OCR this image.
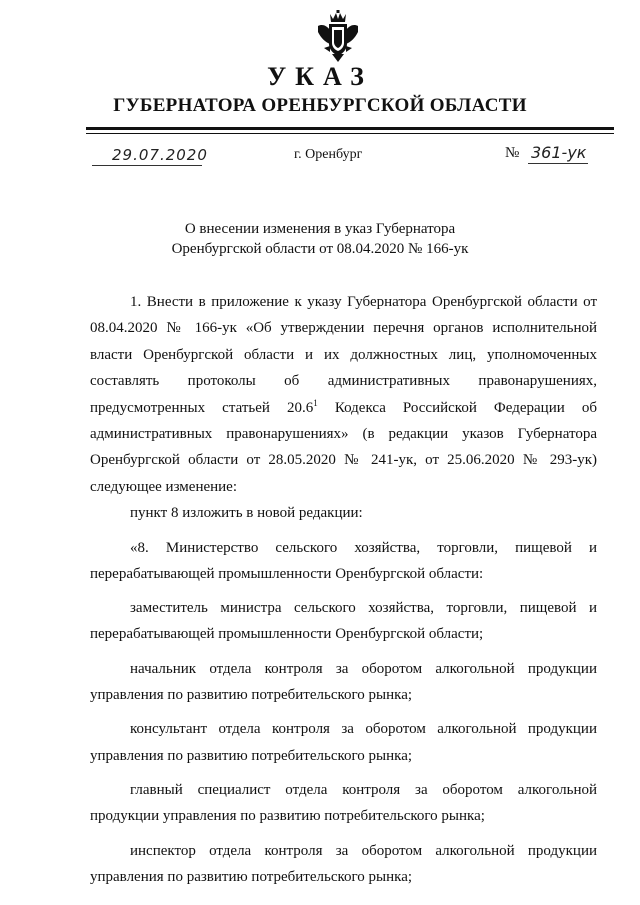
УКАЗ
ГУБЕРНАТОРА ОРЕНБУРГСКОЙ ОБЛАСТИ
29.07.2020	г. Оренбург	№ 361-ук
О внесении изменения в указ Губернатора
Оренбургской области от 08.04.2020 № 166-ук

1. Внести в приложение к указу Губернатора Оренбургской области от 08.04.2020 № 166-ук «Об утверждении перечня органов исполнительной власти Оренбургской области и их должностных лиц, уполномоченных составлять протоколы об административных правонарушениях, предусмотренных статьей 20.6$^1$ Кодекса Российской Федерации об административных правонарушениях» (в редакции указов Губернатора Оренбургской области от 28.05.2020 № 241-ук, от 25.06.2020 № 293-ук) следующее изменение:

пункт 8 изложить в новой редакции:

«8. Министерство сельского хозяйства, торговли, пищевой и перерабатывающей промышленности Оренбургской области:

заместитель министра сельского хозяйства, торговли, пищевой и перерабатывающей промышленности Оренбургской области;

начальник отдела контроля за оборотом алкогольной продукции управления по развитию потребительского рынка;

консультант отдела контроля за оборотом алкогольной продукции управления по развитию потребительского рынка;

главный специалист отдела контроля за оборотом алкогольной продукции управления по развитию потребительского рынка;

инспектор отдела контроля за оборотом алкогольной продукции управления по развитию потребительского рынка;
